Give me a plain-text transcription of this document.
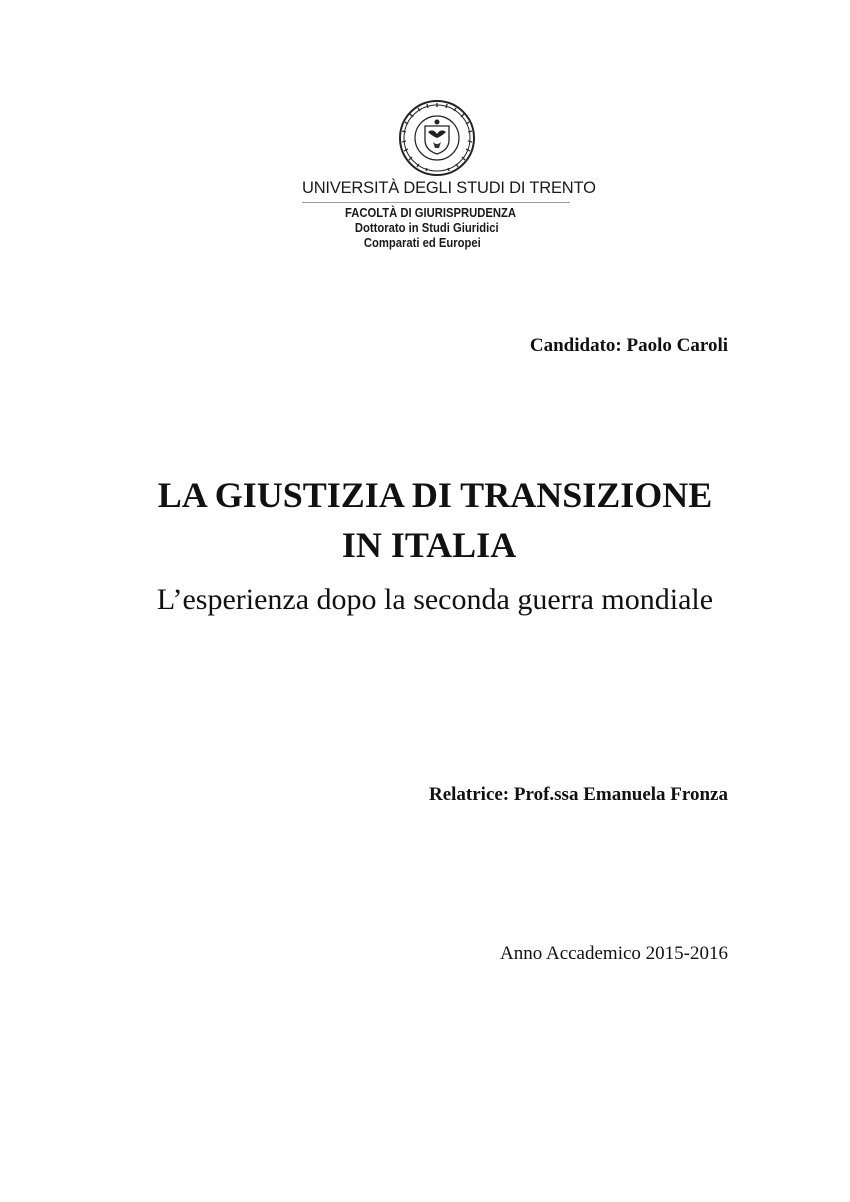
UNIVERSITÀ DEGLI STUDI DI TRENTO
FACOLTÀ DI GIURISPRUDENZA
Dottorato in Studi Giuridici
Comparati ed Europei
Candidato: Paolo Caroli
LA GIUSTIZIA DI TRANSIZIONE
IN ITALIA
L’esperienza dopo la seconda guerra mondiale
Relatrice: Prof.ssa Emanuela Fronza
Anno Accademico 2015-2016
